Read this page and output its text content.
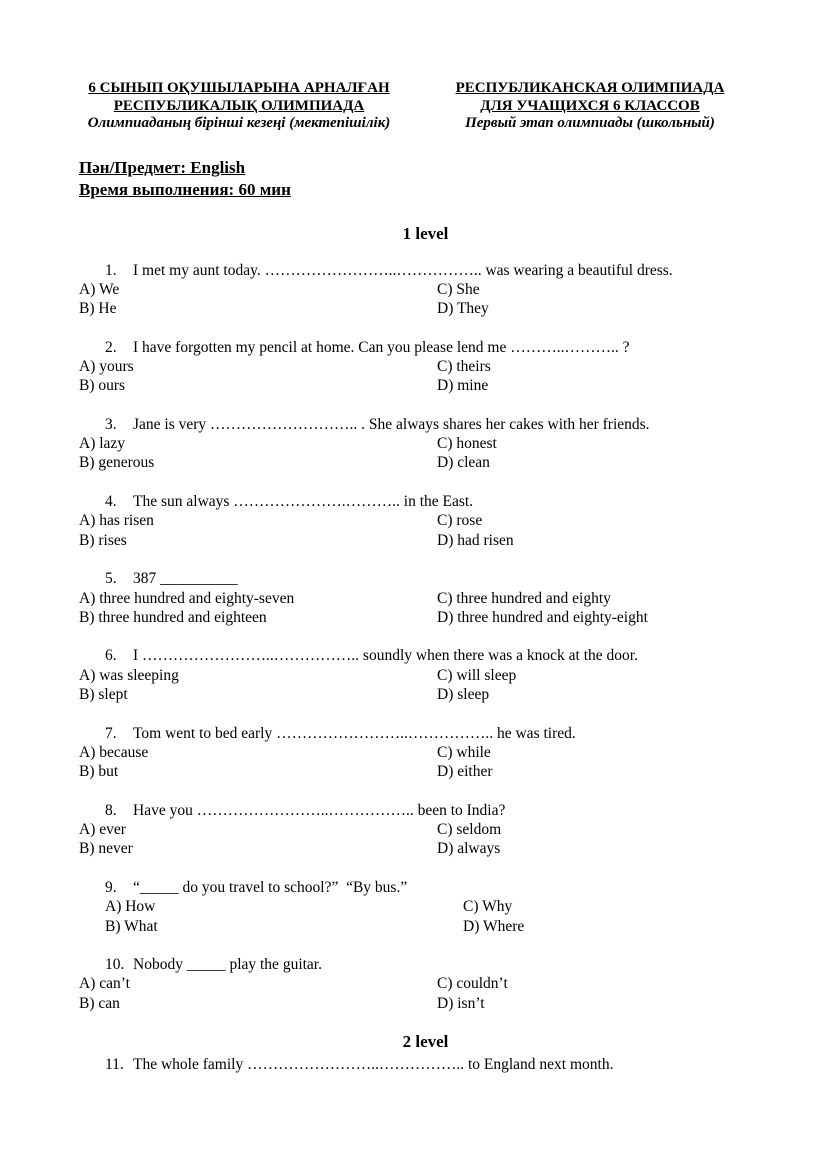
6 СЫНЫП ОҚУШЫЛАРЫНА АРНАЛҒАН
РЕСПУБЛИКАЛЫҚ ОЛИМПИАДА
Олимпиаданың бірінші кезеңі (мектепішілік)
РЕСПУБЛИКАНСКАЯ ОЛИМПИАДА
ДЛЯ УЧАЩИХСЯ 6 КЛАССОВ
Первый этап олимпиады (школьный)
Пән/Предмет: English
Время выполнения: 60 мин
1 level
1.	I met my aunt today. ……………………..…………….. was wearing a beautiful dress.
A) We	C) She
B) He	D) They
2.	I have forgotten my pencil at home. Can you please lend me ………..……….. ?
A) yours	C) theirs
B) ours	D) mine
3.	Jane is very ……………………….. . She always shares her cakes with her friends.
A) lazy	C) honest
B) generous	D) clean
4.	The sun always ………………….……….. in the East.
A) has risen	C) rose
B) rises	D) had risen
5.	387 __________
A) three hundred and eighty-seven	C) three hundred and eighty
B) three hundred and eighteen	D) three hundred and eighty-eight
6.	I ……………………..…………….. soundly when there was a knock at the door.
A) was sleeping	C) will sleep
B) slept	D) sleep
7.	Tom went to bed early ……………………..…………….. he was tired.
A) because	C) while
B) but	D) either
8.	Have you ……………………..…………….. been to India?
A) ever	C) seldom
B) never	D) always
9.	“_____ do you travel to school?”  “By bus.”
A) How	C) Why
B) What	D) Where
10. Nobody _____ play the guitar.
A) can’t	C) couldn’t
B) can	D) isn’t
2 level
11. The whole family ……………………..…………….. to England next month.
